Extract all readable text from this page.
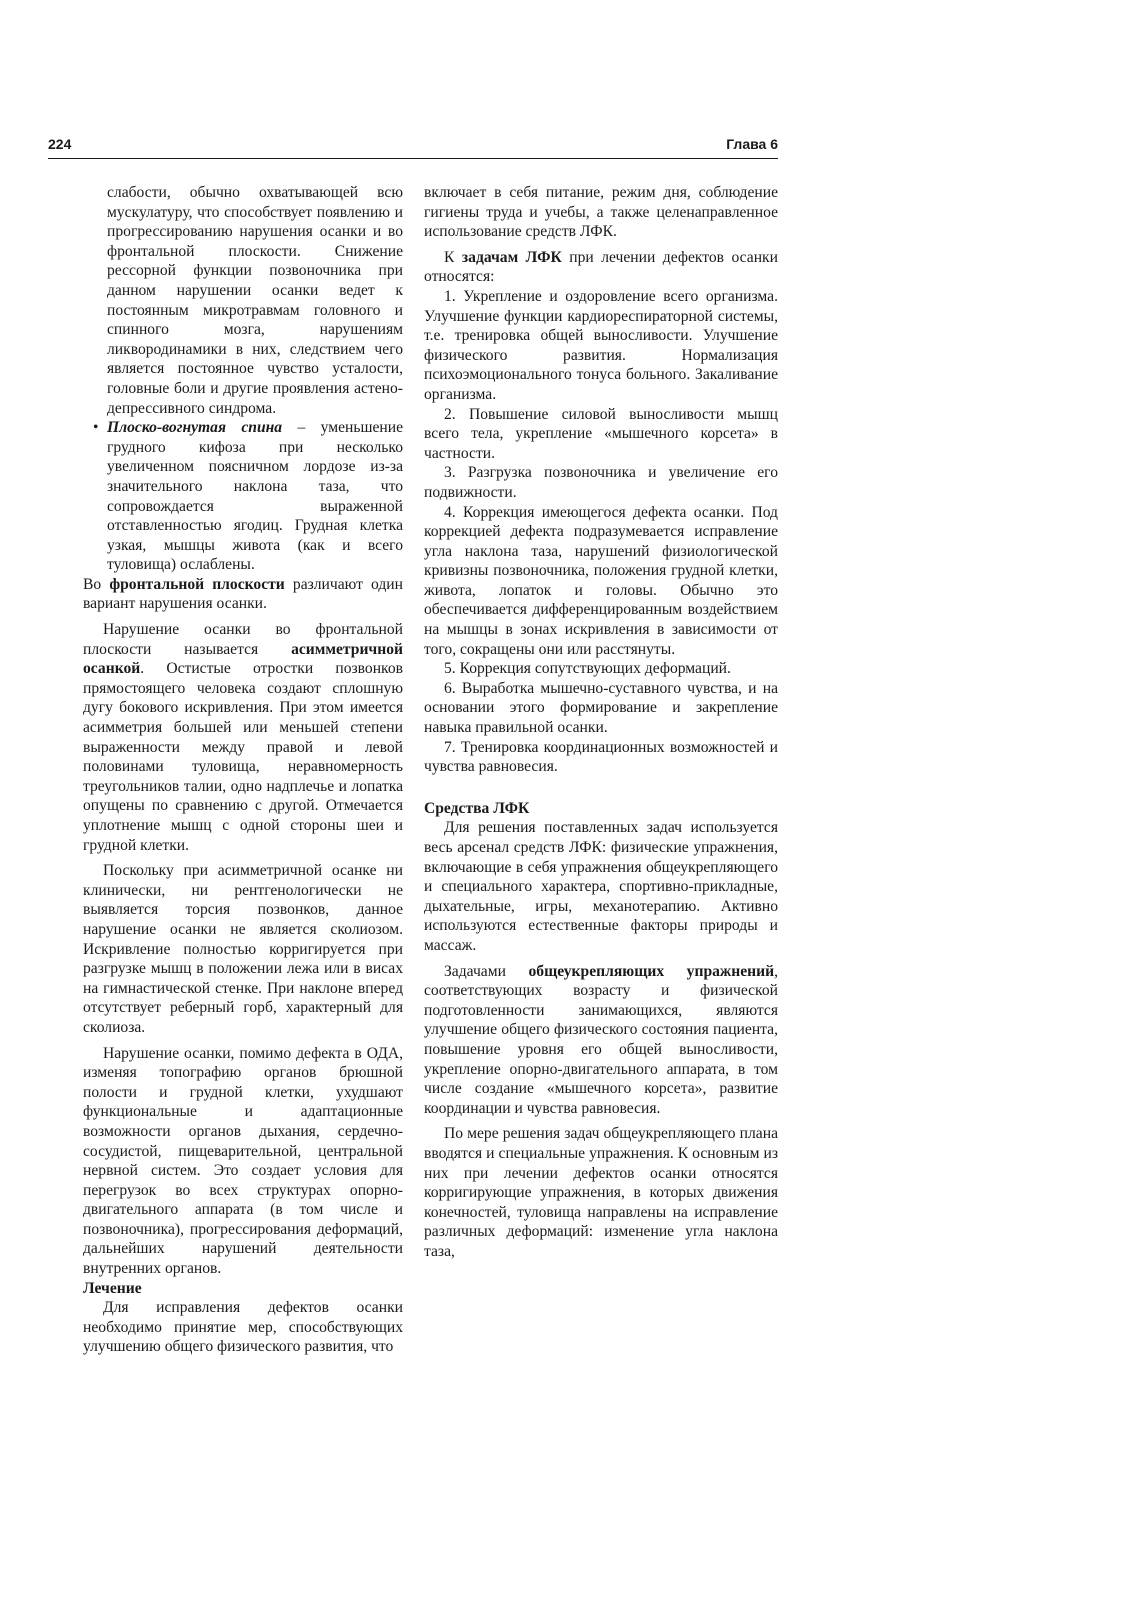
224	Глава 6

слабости, обычно охватывающей всю мускулатуру, что способствует появлению и прогрессированию нарушения осанки и во фронтальной плоскости. Снижение рессорной функции позвоночника при данном нарушении осанки ведет к постоянным микротравмам головного и спинного мозга, нарушениям ликвородинамики в них, следствием чего является постоянное чувство усталости, головные боли и другие проявления астено-депрессивного синдрома.

• Плоско-вогнутая спина – уменьшение грудного кифоза при несколько увеличенном поясничном лордозе из-за значительного наклона таза, что сопровождается выраженной отставленностью ягодиц. Грудная клетка узкая, мышцы живота (как и всего туловища) ослаблены.

Во фронтальной плоскости различают один вариант нарушения осанки.

Нарушение осанки во фронтальной плоскости называется асимметричной осанкой. Остистые отростки позвонков прямостоящего человека создают сплошную дугу бокового искривления. При этом имеется асимметрия большей или меньшей степени выраженности между правой и левой половинами туловища, неравномерность треугольников талии, одно надплечье и лопатка опущены по сравнению с другой. Отмечается уплотнение мышц с одной стороны шеи и грудной клетки.

Поскольку при асимметричной осанке ни клинически, ни рентгенологически не выявляется торсия позвонков, данное нарушение осанки не является сколиозом. Искривление полностью корригируется при разгрузке мышц в положении лежа или в висах на гимнастической стенке. При наклоне вперед отсутствует реберный горб, характерный для сколиоза.

Нарушение осанки, помимо дефекта в ОДА, изменяя топографию органов брюшной полости и грудной клетки, ухудшают функциональные и адаптационные возможности органов дыхания, сердечно-сосудистой, пищеварительной, центральной нервной систем. Это создает условия для перегрузок во всех структурах опорно-двигательного аппарата (в том числе и позвоночника), прогрессирования деформаций, дальнейших нарушений деятельности внутренних органов.

Лечение

Для исправления дефектов осанки необходимо принятие мер, способствующих улучшению общего физического развития, что

включает в себя питание, режим дня, соблюдение гигиены труда и учебы, а также целенаправленное использование средств ЛФК.

К задачам ЛФК при лечении дефектов осанки относятся:

1. Укрепление и оздоровление всего организма. Улучшение функции кардиореспираторной системы, т.е. тренировка общей выносливости. Улучшение физического развития. Нормализация психоэмоционального тонуса больного. Закаливание организма.

2. Повышение силовой выносливости мышц всего тела, укрепление «мышечного корсета» в частности.

3. Разгрузка позвоночника и увеличение его подвижности.

4. Коррекция имеющегося дефекта осанки. Под коррекцией дефекта подразумевается исправление угла наклона таза, нарушений физиологической кривизны позвоночника, положения грудной клетки, живота, лопаток и головы. Обычно это обеспечивается дифференцированным воздействием на мышцы в зонах искривления в зависимости от того, сокращены они или расстянуты.

5. Коррекция сопутствующих деформаций.

6. Выработка мышечно-суставного чувства, и на основании этого формирование и закрепление навыка правильной осанки.

7. Тренировка координационных возможностей и чувства равновесия.

Средства ЛФК

Для решения поставленных задач используется весь арсенал средств ЛФК: физические упражнения, включающие в себя упражнения общеукрепляющего и специального характера, спортивно-прикладные, дыхательные, игры, механотерапию. Активно используются естественные факторы природы и массаж.

Задачами общеукрепляющих упражнений, соответствующих возрасту и физической подготовленности занимающихся, являются улучшение общего физического состояния пациента, повышение уровня его общей выносливости, укрепление опорно-двигательного аппарата, в том числе создание «мышечного корсета», развитие координации и чувства равновесия.

По мере решения задач общеукрепляющего плана вводятся и специальные упражнения. К основным из них при лечении дефектов осанки относятся корригирующие упражнения, в которых движения конечностей, туловища направлены на исправление различных деформаций: изменение угла наклона таза,
